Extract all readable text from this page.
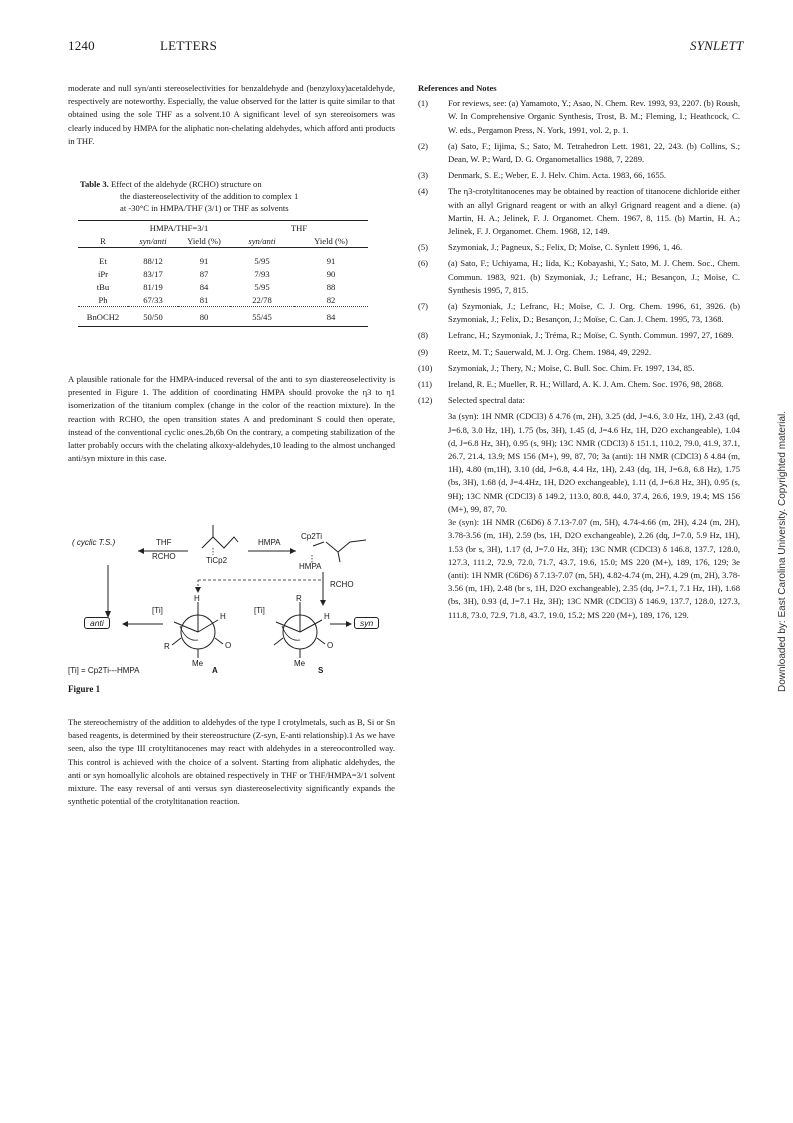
1240	LETTERS	SYNLETT

moderate and null syn/anti stereoselectivities for benzaldehyde and (benzyloxy)acetaldehyde, respectively are noteworthy. Especially, the value observed for the latter is quite similar to that obtained using the sole THF as a solvent.10 A significant level of syn stereoisomers was clearly induced by HMPA for the aliphatic non-chelating aldehydes, which afford anti products in THF.

Table 3. Effect of the aldehyde (RCHO) structure on
the diastereoselectivity of the addition to complex 1
at -30°C in HMPA/THF (3/1) or THF as solvents
	HMPA/THF=3/1		THF	
R	syn/anti	Yield (%)	syn/anti	Yield (%)

Et	88/12	91	5/95	91
iPr	83/17	87	7/93	90
tBu	81/19	84	5/95	88
Ph	67/33	81	22/78	82
BnOCH2	50/50	80	55/45	84

A plausible rationale for the HMPA-induced reversal of the anti to syn diastereoselectivity is presented in Figure 1. The addition of coordinating HMPA should provoke the η3 to η1 isomerization of the titanium complex (change in the color of the reaction mixture). In the reaction with RCHO, the open transition states A and predominant S could then operate, instead of the conventional cyclic ones.2b,6b On the contrary, a competing stabilization of the latter probably occurs with the chelating alkoxy-aldehydes,10 leading to the almost unchanged anti/syn mixture in this case.

( cyclic T.S.)	THF
RCHO	TiCp2
HMPA
Cp2Ti
HMPA
RCHO
[Ti]	[Ti]
H
H	H
R
R	O	O
Me	Me
anti	syn
[Ti] = Cp2Ti---HMPA	A	S
Figure 1

The stereochemistry of the addition to aldehydes of the type I crotylmetals, such as B, Si or Sn based reagents, is determined by their stereostructure (Z-syn, E-anti relationship).1 As we have seen, also the type III crotyltitanocenes may react with aldehydes in a stereocontrolled way. This control is achieved with the choice of a solvent. Starting from aliphatic aldehydes, the anti or syn homoallylic alcohols are obtained respectively in THF or THF/HMPA=3/1 solvent mixture. The easy reversal of anti versus syn diastereoselectivity significantly expands the synthetic potential of the crotyltitanation reaction.

References and Notes
(1) For reviews, see: (a) Yamamoto, Y.; Asao, N. Chem. Rev. 1993, 93, 2207. (b) Roush, W. In Comprehensive Organic Synthesis, Trost, B. M.; Fleming, I.; Heathcock, C. W. eds., Pergamon Press, N. York, 1991, vol. 2, p. 1.
(2) (a) Sato, F.; Iijima, S.; Sato, M. Tetrahedron Lett. 1981, 22, 243. (b) Collins, S.; Dean, W. P.; Ward, D. G. Organometallics 1988, 7, 2289.
(3) Denmark, S. E.; Weber, E. J. Helv. Chim. Acta. 1983, 66, 1655.
(4) The η3-crotyltitanocenes may be obtained by reaction of titanocene dichloride either with an allyl Grignard reagent or with an alkyl Grignard reagent and a diene. (a) Martin, H. A.; Jelinek, F. J. Organomet. Chem. 1967, 8, 115. (b) Martin, H. A.; Jelinek, F. J. Organomet. Chem. 1968, 12, 149.
(5) Szymoniak, J.; Pagneux, S.; Felix, D; Moïse, C. Synlett 1996, 1, 46.
(6) (a) Sato, F.; Uchiyama, H.; Iida, K.; Kobayashi, Y.; Sato, M. J. Chem. Soc., Chem. Commun. 1983, 921. (b) Szymoniak, J.; Lefranc, H.; Besançon, J.; Moïse, C. Synthesis 1995, 7, 815.
(7) (a) Szymoniak, J.; Lefranc, H.; Moïse, C. J. Org. Chem. 1996, 61, 3926. (b) Szymoniak, J.; Felix, D.; Besançon, J.; Moïse, C. Can. J. Chem. 1995, 73, 1368.
(8) Lefranc, H.; Szymoniak, J.; Tréma, R.; Moïse, C. Synth. Commun. 1997, 27, 1689.
(9) Reetz, M. T.; Sauerwald, M. J. Org. Chem. 1984, 49, 2292.
(10) Szymoniak, J.; Thery, N.; Moïse, C. Bull. Soc. Chim. Fr. 1997, 134, 85.
(11) Ireland, R. E.; Mueller, R. H.; Willard, A. K. J. Am. Chem. Soc. 1976, 98, 2868.
(12) Selected spectral data:
3a (syn): 1H NMR (CDCl3) δ 4.76 (m, 2H), 3.25 (dd, J=4.6, 3.0 Hz, 1H), 2.43 (qd, J=6.8, 3.0 Hz, 1H), 1.75 (bs, 3H), 1.45 (d, J=4.6 Hz, 1H, D2O exchangeable), 1.04 (d, J=6.8 Hz, 3H), 0.95 (s, 9H); 13C NMR (CDCl3) δ 151.1, 110.2, 79.0, 41.9, 37.1, 26.7, 21.4, 13.9; MS 156 (M+), 99, 87, 70; 3a (anti): 1H NMR (CDCl3) δ 4.84 (m, 1H), 4.80 (m,1H), 3.10 (dd, J=6.8, 4.4 Hz, 1H), 2.43 (dq, 1H, J=6.8, 6.8 Hz), 1.75 (bs, 3H), 1.68 (d, J=4.4Hz, 1H, D2O exchangeable), 1.11 (d, J=6.8 Hz, 3H), 0.95 (s, 9H); 13C NMR (CDCl3) δ 149.2, 113.0, 80.8, 44.0, 37.4, 26.6, 19.9, 19.4; MS 156 (M+), 99, 87, 70.
3e (syn): 1H NMR (C6D6) δ 7.13-7.07 (m, 5H), 4.74-4.66 (m, 2H), 4.24 (m, 2H), 3.78-3.56 (m, 1H), 2.59 (bs, 1H, D2O exchangeable), 2.26 (dq, J=7.0, 5.9 Hz, 1H), 1.53 (br s, 3H), 1.17 (d, J=7.0 Hz, 3H); 13C NMR (CDCl3) δ 146.8, 137.7, 128.0, 127.3, 111.2, 72.9, 72.0, 71.7, 43.7, 19.6, 15.0; MS 220 (M+), 189, 176, 129; 3e (anti): 1H NMR (C6D6) δ 7.13-7.07 (m, 5H), 4.82-4.74 (m, 2H), 4.29 (m, 2H), 3.78-3.56 (m, 1H), 2.48 (br s, 1H, D2O exchangeable), 2.35 (dq, J=7.1, 7.1 Hz, 1H), 1.68 (bs, 3H), 0.93 (d, J=7.1 Hz, 3H); 13C NMR (CDCl3) δ 146.9, 137.7, 128.0, 127.3, 111.8, 73.0, 72.9, 71.8, 43.7, 19.0, 15.2; MS 220 (M+), 189, 176, 129.	Downloaded by: East Carolina University. Copyrighted material.
